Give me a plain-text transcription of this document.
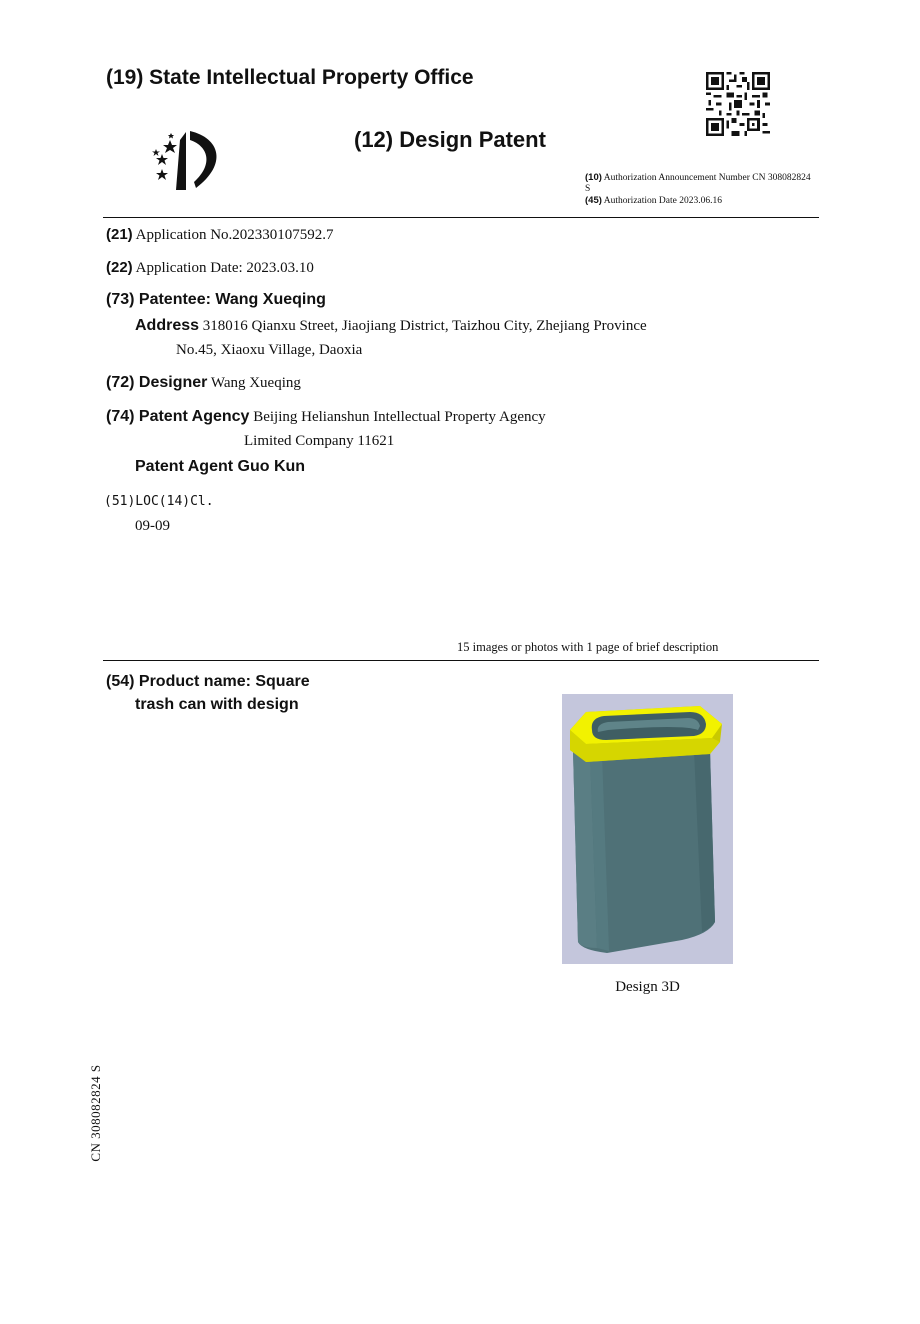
(19) State Intellectual Property Office
(12) Design Patent
(10) Authorization Announcement Number CN 308082824 S
(45) Authorization Date 2023.06.16
(21) Application No.202330107592.7
(22) Application Date: 2023.03.10
(73) Patentee: Wang Xueqing
Address 318016 Qianxu Street, Jiaojiang District, Taizhou City, Zhejiang Province
No.45, Xiaoxu Village, Daoxia
(72) Designer Wang Xueqing
(74) Patent Agency Beijing Helianshun Intellectual Property Agency
Limited Company 11621
Patent Agent Guo Kun
(51)LOC(14)Cl.
09-09
15 images or photos with 1 page of brief description
(54) Product name: Square
trash can with design
Design 3D
CN 308082824 S
